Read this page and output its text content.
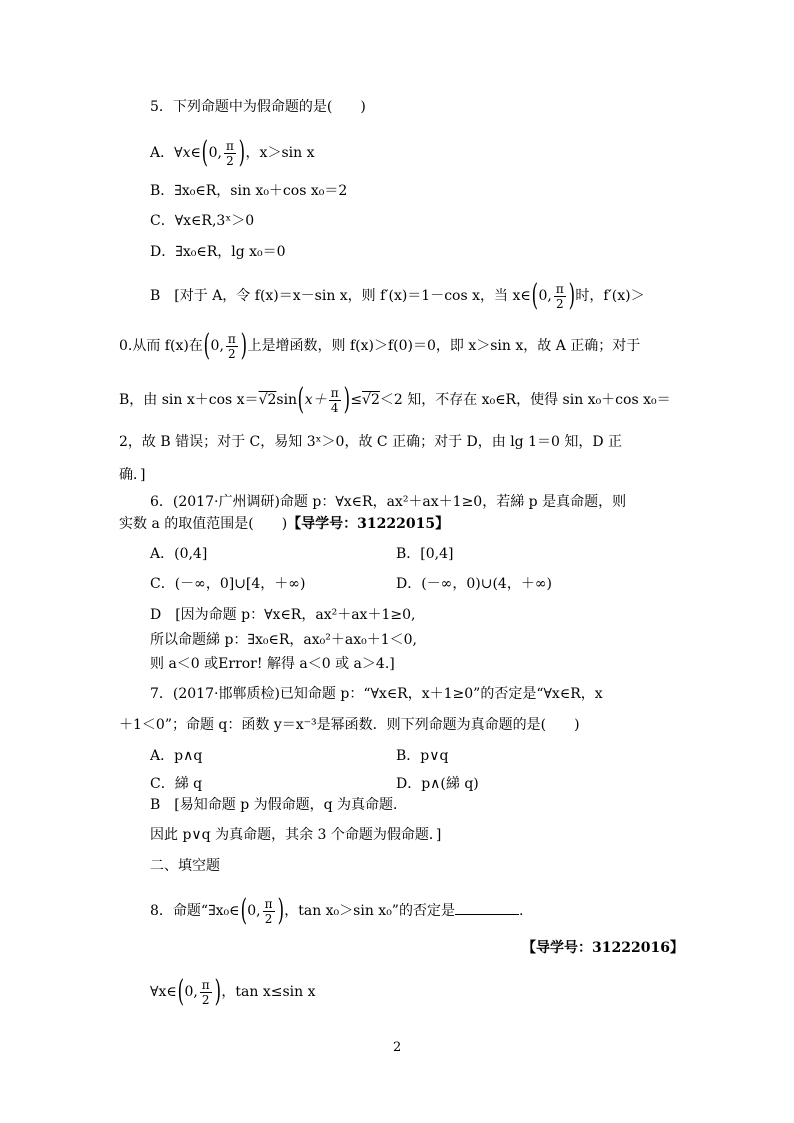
5．下列命题中为假命题的是(　　)
A．∀x∈(0, $\frac{\pi}{2}$ )，x＞sin x
B．∃x₀∈R，sin x₀＋cos x₀＝2
C．∀x∈R,3ˣ＞0
D．∃x₀∈R，lg x₀＝0
B　[对于 A，令 f(x)＝x－sin x，则 f′(x)＝1－cos x，当 x∈(0, $\frac{\pi}{2}$ )时，f′(x)＞
0.从而 f(x)在(0, $\frac{\pi}{2}$ )上是增函数，则 f(x)＞f(0)＝0，即 x＞sin x，故 A 正确；对于
B，由 sin x＋cos $x=√2\sin(x+ \frac{\pi}{4} )\le√2<2$ 知，不存在 x₀∈R，使得 sin x₀＋cos x₀＝
2，故 B 错误；对于 C，易知 3ˣ＞0，故 C 正确；对于 D，由 lg 1＝0 知，D 正
确．]
6．(2017·广州调研)命题 p：∀x∈R，ax²＋ax＋1≥0，若綈 p 是真命题，则
实数 a 的取值范围是(　　)【导学号：31222015】
A．(0,4]	B．[0,4]
C．(－∞，0]∪[4，＋∞)	D．(－∞，0)∪(4，＋∞)
D　[因为命题 p：∀x∈R，ax²＋ax＋1≥0,
所以命题綈 p：∃x₀∈R，ax₀²＋ax₀＋1＜0,
则 a＜0 或Error! 解得 a＜0 或 a＞4.]
7．(2017·邯郸质检)已知命题 p：“∀x∈R，x＋1≥0”的否定是“∀x∈R，x
＋1＜0”；命题 q：函数 y＝x⁻³是幂函数．则下列命题为真命题的是(　　)
A．p∧q	B．p∨q
C．綈 q	D．p∧(綈 q)
B　[易知命题 p 为假命题，q 为真命题．
因此 p∨q 为真命题，其余 3 个命题为假命题．]
二、填空题
8．命题“∃x₀∈(0, $\frac{\pi}{2}$ )，tan x₀＞sin x₀”的否定是	.
【导学号：31222016】
∀x∈(0, $\frac{\pi}{2}$ )，tan x≤sin x
2
